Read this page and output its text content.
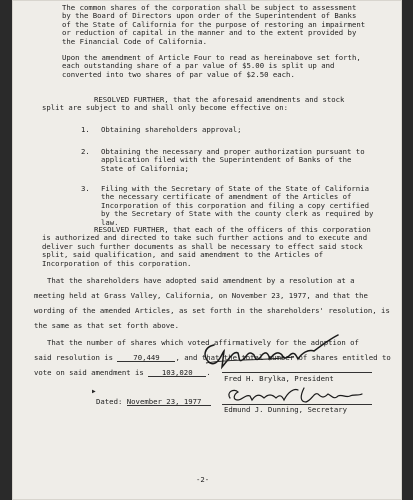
The common shares of the corporation shall be subject to assessment by the Board of Directors upon order of the Superintendent of Banks of the State of California for the purpose of restoring an impairment or reduction of capital in the manner and to the extent provided by the Financial Code of California.

Upon the amendment of Article Four to read as hereinabove set forth, each outstanding share of a par value of $5.00 is split up and converted into two shares of par value of $2.50 each.

RESOLVED FURTHER, that the aforesaid amendments and stock split are subject to and shall only become effective on:

1. Obtaining shareholders approval;

2. Obtaining the necessary and proper authorization pursuant to application filed with the Superintendent of Banks of the State of California;

3. Filing with the Secretary of State of the State of California the necessary certificate of amendment of the Articles of Incorporation of this corporation and filing a copy certified by the Secretary of State with the county clerk as required by law.

RESOLVED FURTHER, that each of the officers of this corporation is authorized and directed to take such further actions and to execute and deliver such further documents as shall be necessary to effect said stock split, said qualification, and said amendment to the Articles of Incorporation of this corporation.

That the shareholders have adopted said amendment by a resolution at a
meeting held at Grass Valley, California, on November 23, 1977, and that the
wording of the amended Articles, as set forth in the shareholders' resolution, is
the same as that set forth above.
That the number of shares which voted affirmatively for the adoption of
said resolution is	70,449 , and that the total number of shares entitled to
vote on said amendment is 103,020 .
▶
Dated: November 23, 1977
Fred H. Brylka, President
Edmund J. Dunning, Secretary
-2-
